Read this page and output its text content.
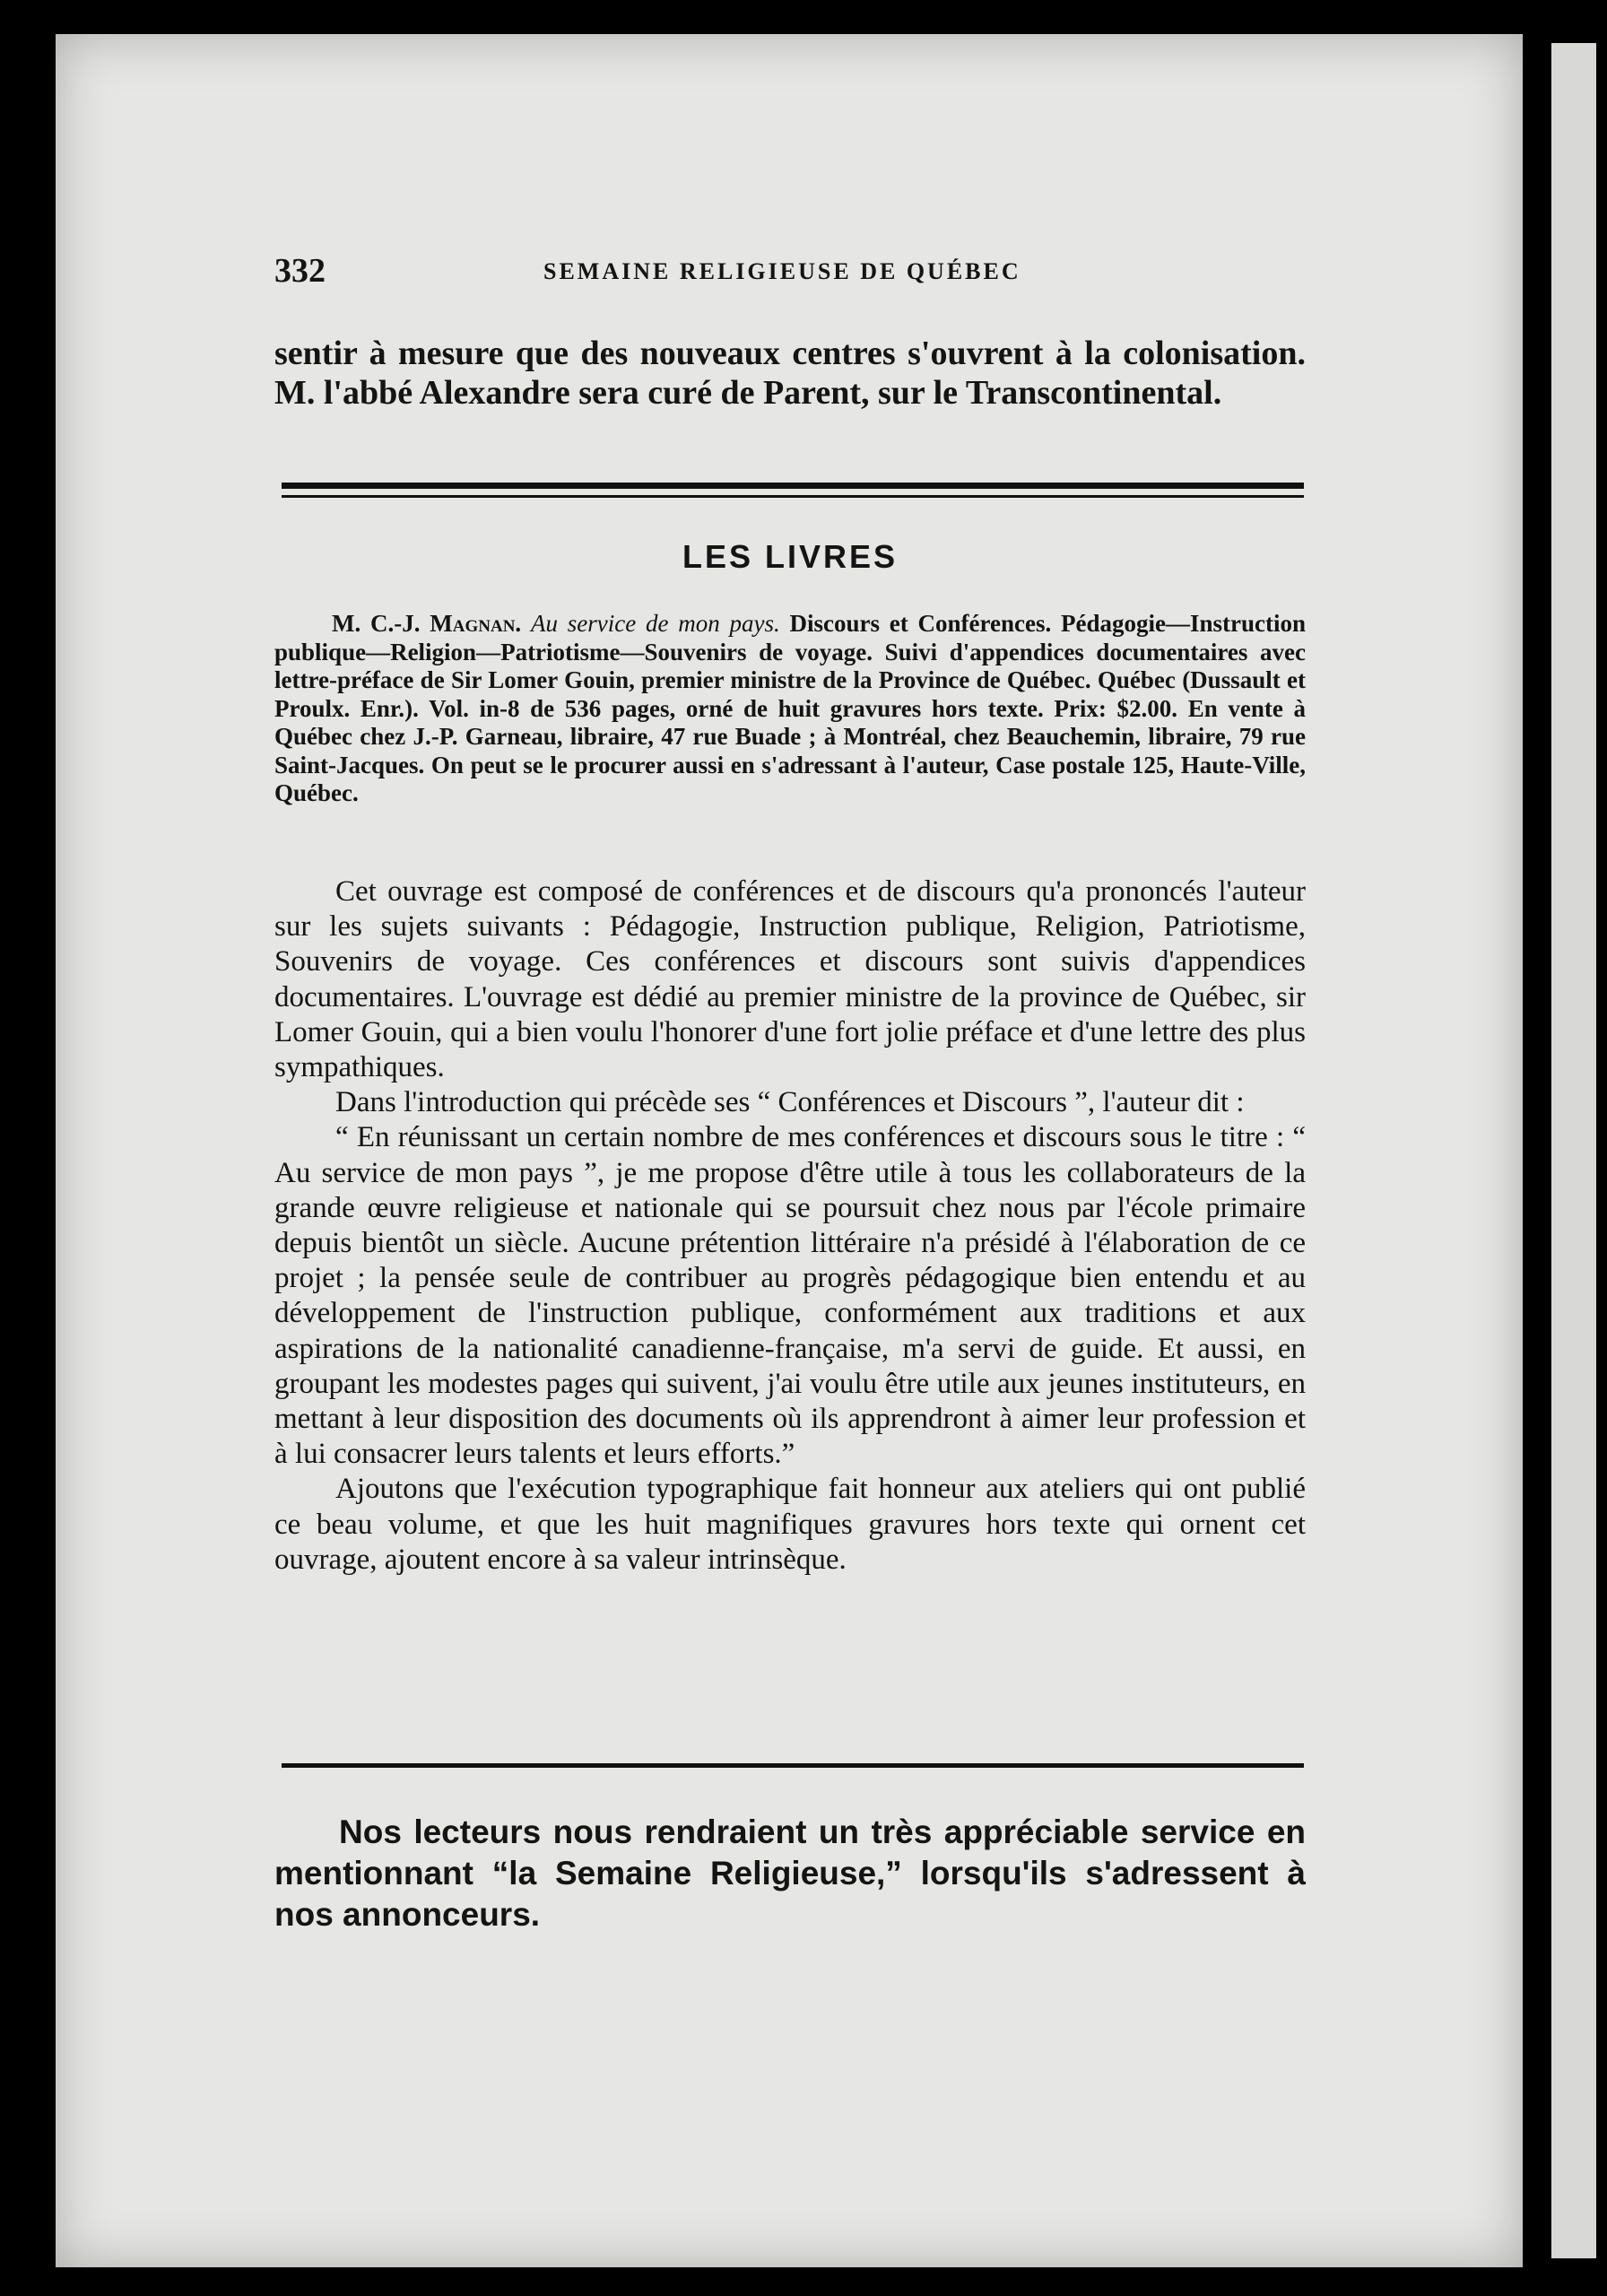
332	SEMAINE RELIGIEUSE DE QUÉBEC
sentir à mesure que des nouveaux centres s'ouvrent à la colonisation. M. l'abbé Alexandre sera curé de Parent, sur le Transcontinental.
LES LIVRES
M. C.-J. Magnan. Au service de mon pays. Discours et Conférences. Pédagogie—Instruction publique—Religion—Patriotisme—Souvenirs de voyage. Suivi d'appendices documentaires avec lettre-préface de Sir Lomer Gouin, premier ministre de la Province de Québec. Québec (Dussault et Proulx. Enr.). Vol. in-8 de 536 pages, orné de huit gravures hors texte. Prix: $2.00. En vente à Québec chez J.-P. Garneau, libraire, 47 rue Buade ; à Montréal, chez Beauchemin, libraire, 79 rue Saint-Jacques. On peut se le procurer aussi en s'adressant à l'auteur, Case postale 125, Haute-Ville, Québec.

Cet ouvrage est composé de conférences et de discours qu'a prononcés l'auteur sur les sujets suivants : Pédagogie, Instruction publique, Religion, Patriotisme, Souvenirs de voyage. Ces conférences et discours sont suivis d'appendices documentaires. L'ouvrage est dédié au premier ministre de la province de Québec, sir Lomer Gouin, qui a bien voulu l'honorer d'une fort jolie préface et d'une lettre des plus sympathiques.

Dans l'introduction qui précède ses “ Conférences et Discours ”, l'auteur dit :

“ En réunissant un certain nombre de mes conférences et discours sous le titre : “ Au service de mon pays ”, je me propose d'être utile à tous les collaborateurs de la grande œuvre religieuse et nationale qui se poursuit chez nous par l'école primaire depuis bientôt un siècle. Aucune prétention littéraire n'a présidé à l'élaboration de ce projet ; la pensée seule de contribuer au progrès pédagogique bien entendu et au développement de l'instruction publique, conformément aux traditions et aux aspirations de la nationalité canadienne-française, m'a servi de guide. Et aussi, en groupant les modestes pages qui suivent, j'ai voulu être utile aux jeunes instituteurs, en mettant à leur disposition des documents où ils apprendront à aimer leur profession et à lui consacrer leurs talents et leurs efforts.”

Ajoutons que l'exécution typographique fait honneur aux ateliers qui ont publié ce beau volume, et que les huit magnifiques gravures hors texte qui ornent cet ouvrage, ajoutent encore à sa valeur intrinsèque.

Nos lecteurs nous rendraient un très appréciable service en mentionnant “la Semaine Religieuse,” lorsqu'ils s'adressent à nos annonceurs.
